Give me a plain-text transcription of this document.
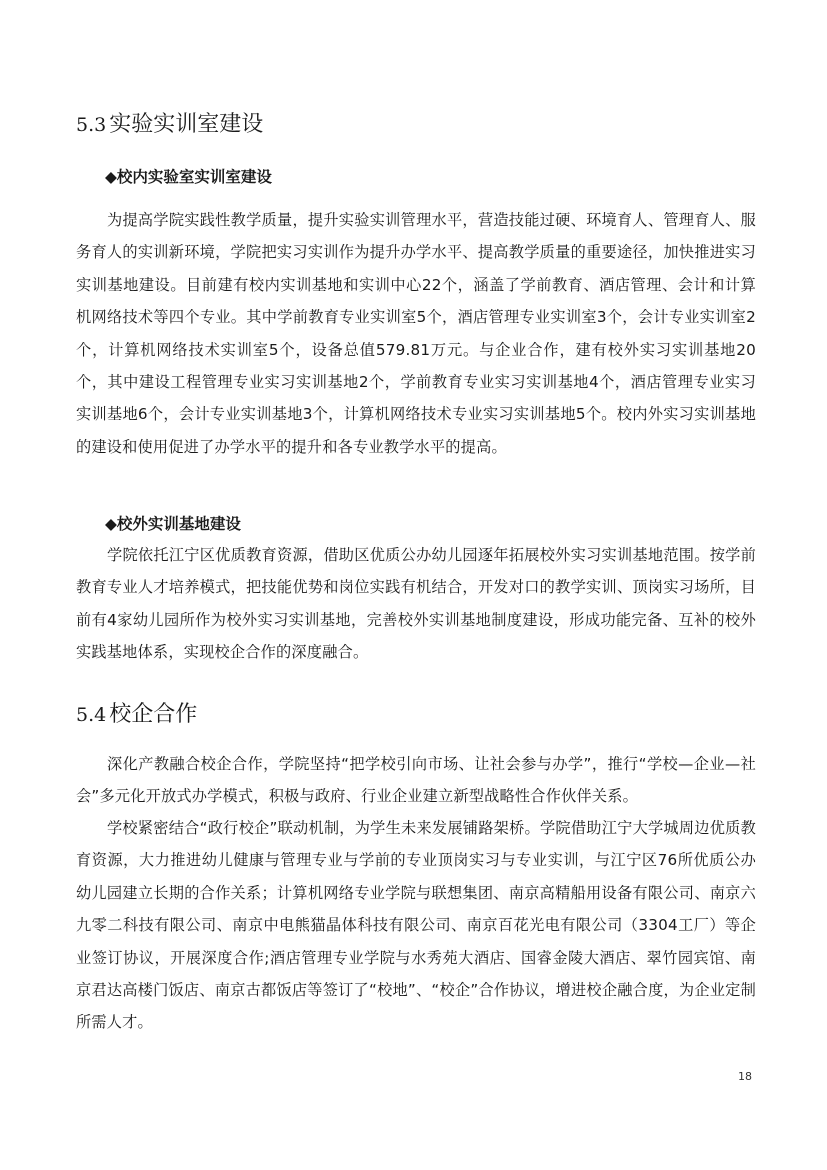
5.3 实验实训室建设
◆校内实验室实训室建设

为提高学院实践性教学质量，提升实验实训管理水平，营造技能过硬、环境育人、管理育人、服务育人的实训新环境，学院把实习实训作为提升办学水平、提高教学质量的重要途径，加快推进实习实训基地建设。目前建有校内实训基地和实训中心22个，涵盖了学前教育、酒店管理、会计和计算机网络技术等四个专业。其中学前教育专业实训室5个，酒店管理专业实训室3个，会计专业实训室2个，计算机网络技术实训室5个，设备总值579.81万元。与企业合作，建有校外实习实训基地20个，其中建设工程管理专业实习实训基地2个，学前教育专业实习实训基地4个，酒店管理专业实习实训基地6个，会计专业实训基地3个，计算机网络技术专业实习实训基地5个。校内外实习实训基地的建设和使用促进了办学水平的提升和各专业教学水平的提高。

◆校外实训基地建设

学院依托江宁区优质教育资源，借助区优质公办幼儿园逐年拓展校外实习实训基地范围。按学前教育专业人才培养模式，把技能优势和岗位实践有机结合，开发对口的教学实训、顶岗实习场所，目前有4家幼儿园所作为校外实习实训基地，完善校外实训基地制度建设，形成功能完备、互补的校外实践基地体系，实现校企合作的深度融合。

5.4 校企合作

深化产教融合校企合作，学院坚持“把学校引向市场、让社会参与办学”，推行“学校—企业—社会”多元化开放式办学模式，积极与政府、行业企业建立新型战略性合作伙伴关系。

学校紧密结合“政行校企”联动机制，为学生未来发展铺路架桥。学院借助江宁大学城周边优质教育资源，大力推进幼儿健康与管理专业与学前的专业顶岗实习与专业实训，与江宁区76所优质公办幼儿园建立长期的合作关系；计算机网络专业学院与联想集团、南京高精船用设备有限公司、南京六九零二科技有限公司、南京中电熊猫晶体科技有限公司、南京百花光电有限公司（3304工厂）等企业签订协议，开展深度合作;酒店管理专业学院与水秀苑大酒店、国睿金陵大酒店、翠竹园宾馆、南京君达高楼门饭店、南京古都饭店等签订了“校地”、“校企”合作协议，增进校企融合度，为企业定制所需人才。

18
